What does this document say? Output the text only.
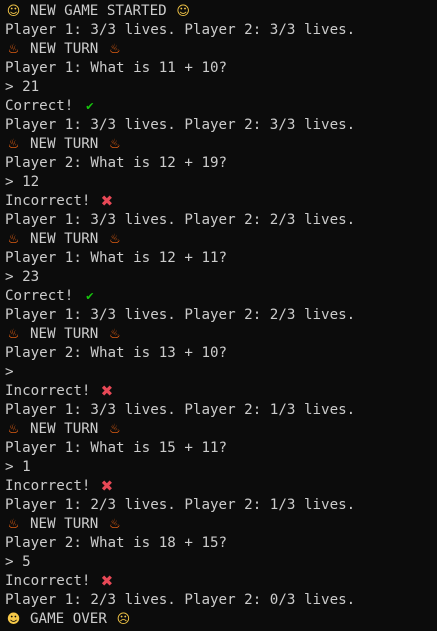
☺ NEW GAME STARTED ☺
Player 1: 3/3 lives. Player 2: 3/3 lives.
♨ NEW TURN ♨
Player 1: What is 11 + 10?
> 21
Correct!	✔
Player 1: 3/3 lives. Player 2: 3/3 lives.
♨ NEW TURN ♨
Player 2: What is 12 + 19?
> 12
Incorrect! ✖
Player 1: 3/3 lives. Player 2: 2/3 lives.
♨ NEW TURN ♨
Player 1: What is 12 + 11?
> 23
Correct!	✔
Player 1: 3/3 lives. Player 2: 2/3 lives.
♨ NEW TURN ♨
Player 2: What is 13 + 10?
>
Incorrect! ✖
Player 1: 3/3 lives. Player 2: 1/3 lives.
♨ NEW TURN ♨
Player 1: What is 15 + 11?
> 1
Incorrect! ✖
Player 1: 2/3 lives. Player 2: 1/3 lives.
♨ NEW TURN ♨
Player 2: What is 18 + 15?
> 5
Incorrect! ✖
Player 1: 2/3 lives. Player 2: 0/3 lives.
☻ GAME OVER ☹
